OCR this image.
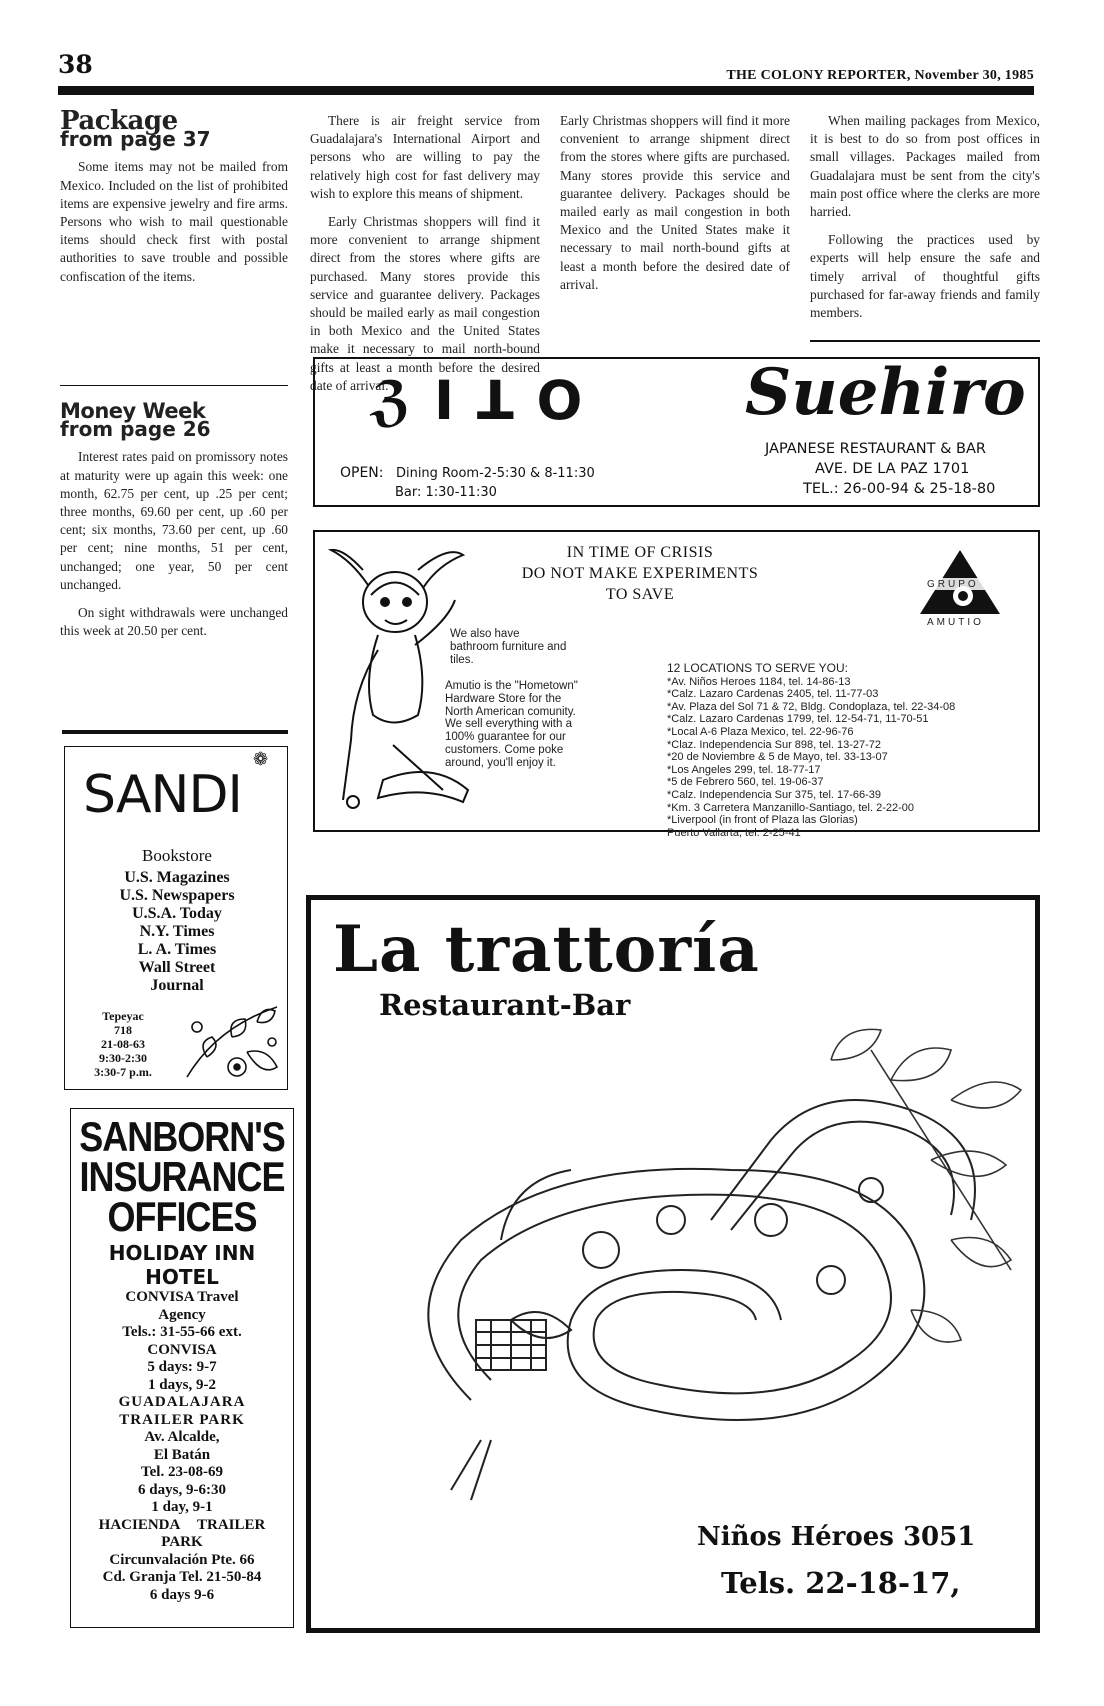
38	THE COLONY REPORTER, November 30, 1985
Package
from page 37

Some items may not be mailed from Mexico. Included on the list of prohibited items are expensive jewelry and fire arms. Persons who wish to mail questionable items should check first with postal authorities to save trouble and possible confiscation of the items.

There is air freight service from Guadalajara's International Airport and persons who are willing to pay the relatively high cost for fast delivery may wish to explore this means of shipment.

Early Christmas shoppers will find it more convenient to arrange shipment direct from the stores where gifts are purchased. Many stores provide this service and guarantee delivery. Packages should be mailed early as mail congestion in both Mexico and the United States make it necessary to mail north-bound gifts at least a month before the desired date of arrival.

Early Christmas shoppers will find it more convenient to arrange shipment direct from the stores where gifts are purchased. Many stores provide this service and guarantee delivery. Packages should be mailed early as mail congestion in both Mexico and the United States make it necessary to mail north-bound gifts at least a month before the desired date of arrival.

When mailing packages from Mexico, it is best to do so from post offices in small villages. Packages mailed from Guadalajara must be sent from the city's main post office where the clerks are more harried.

Following the practices used by experts will help ensure the safe and timely arrival of thoughtful gifts purchased for far-away friends and family members.

Money Week
from page 26

Interest rates paid on promissory notes at maturity were up again this week: one month, 62.75 per cent, up .25 per cent; three months, 69.60 per cent, up .60 per cent; six months, 73.60 per cent, up .60 per cent; nine months, 51 per cent, unchanged; one year, 50 per cent unchanged.

On sight withdrawals were unchanged this week at 20.50 per cent.

ℨ ꓲ ꓕ ꓳ	Suehiro
OPEN: Dining Room-2-5:30 & 8-11:30
Bar: 1:30-11:30
JAPANESE RESTAURANT & BAR
AVE. DE LA PAZ 1701
TEL.: 26-00-94 & 25-18-80
IN TIME OF CRISIS
DO NOT MAKE EXPERIMENTS
TO SAVE
We also have bathroom furniture and tiles.
Amutio is the "Hometown" Hardware Store for the North American comunity. We sell everything with a 100% guarantee for our customers. Come poke around, you'll enjoy it.
GRUPO
AMUTIO
12 LOCATIONS TO SERVE YOU:
*Av. Niños Heroes 1184, tel. 14-86-13
*Calz. Lazaro Cardenas 2405, tel. 11-77-03
*Av. Plaza del Sol 71 & 72, Bldg. Condoplaza, tel. 22-34-08
*Calz. Lazaro Cardenas 1799, tel. 12-54-71, 11-70-51
*Local A-6 Plaza Mexico, tel. 22-96-76
*Claz. Independencia Sur 898, tel. 13-27-72
*20 de Noviembre & 5 de Mayo, tel. 33-13-07
*Los Angeles 299, tel. 18-77-17
*5 de Febrero 560, tel. 19-06-37
*Calz. Independencia Sur 375, tel. 17-66-39
*Km. 3 Carretera Manzanillo-Santiago, tel. 2-22-00
*Liverpool (in front of Plaza las Glorias)
Puerto Vallarta, tel. 2-25-41
SANDI
❁
Bookstore
U.S. Magazines
U.S. Newspapers
U.S.A. Today
N.Y. Times
L. A. Times
Wall Street
Journal
Tepeyac
718
21-08-63
9:30-2:30
3:30-7 p.m.
SANBORN'S
INSURANCE
OFFICES
HOLIDAY INN
HOTEL
CONVISA Travel
Agency
Tels.: 31-55-66 ext.
CONVISA
5 days: 9-7
1 days, 9-2
GUADALAJARA
TRAILER PARK
Av. Alcalde,
El Batán
Tel. 23-08-69
6 days, 9-6:30
1 day, 9-1
HACIENDA TRAILER
PARK
Circunvalación Pte. 66
Cd. Granja Tel. 21-50-84
6 days 9-6
La trattoría
Restaurant-Bar
Niños Héroes 3051
Tels. 22-18-17,
